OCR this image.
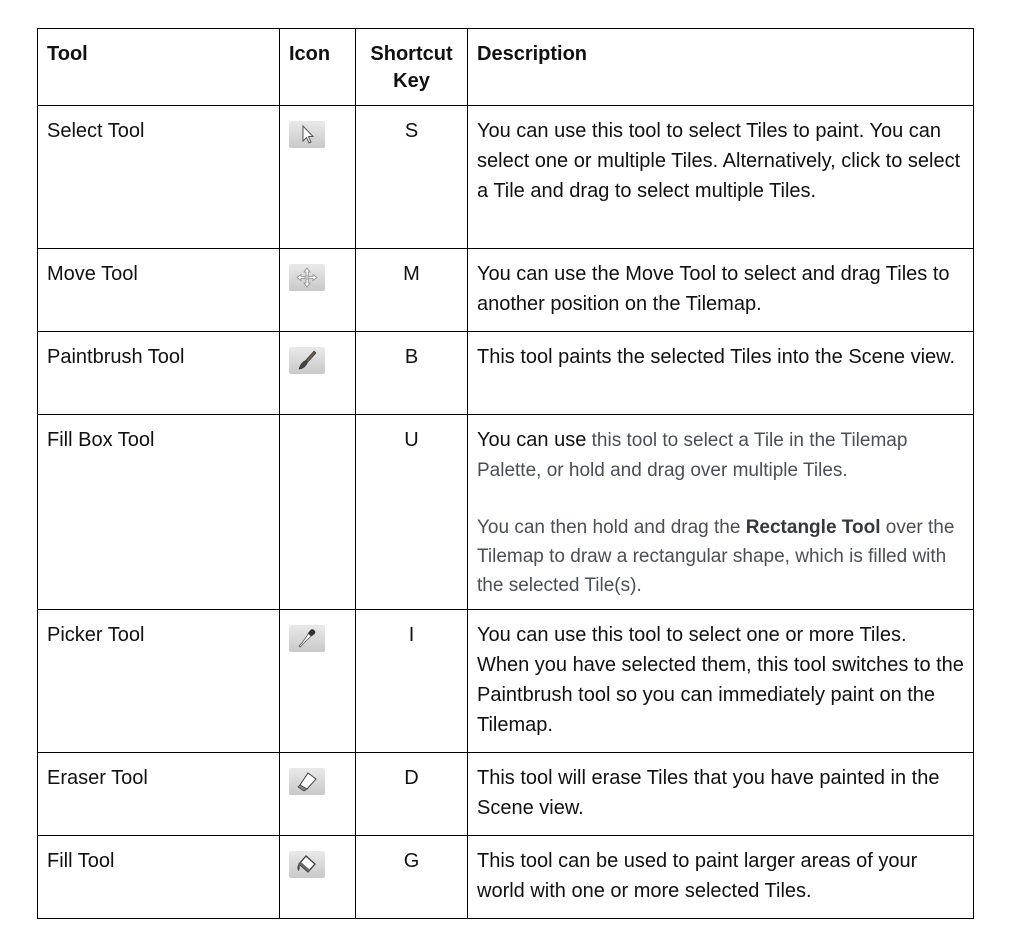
Tool	Icon	Shortcut Key	Description
Select Tool		S	You can use this tool to select Tiles to paint. You can select one or multiple Tiles. Alternatively, click to select a Tile and drag to select multiple Tiles.
Move Tool		M	You can use the Move Tool to select and drag Tiles to another position on the Tilemap.
Paintbrush Tool		B	This tool paints the selected Tiles into the Scene view.
Fill Box Tool		U	You can use this tool to select a Tile in the Tilemap Palette, or hold and drag over multiple Tiles.
You can then hold and drag the Rectangle Tool over the Tilemap to draw a rectangular shape, which is filled with the selected Tile(s).

Picker Tool		I	You can use this tool to select one or more Tiles. When you have selected them, this tool switches to the Paintbrush tool so you can immediately paint on the Tilemap.
Eraser Tool		D	This tool will erase Tiles that you have painted in the Scene view.
Fill Tool		G	This tool can be used to paint larger areas of your world with one or more selected Tiles.
